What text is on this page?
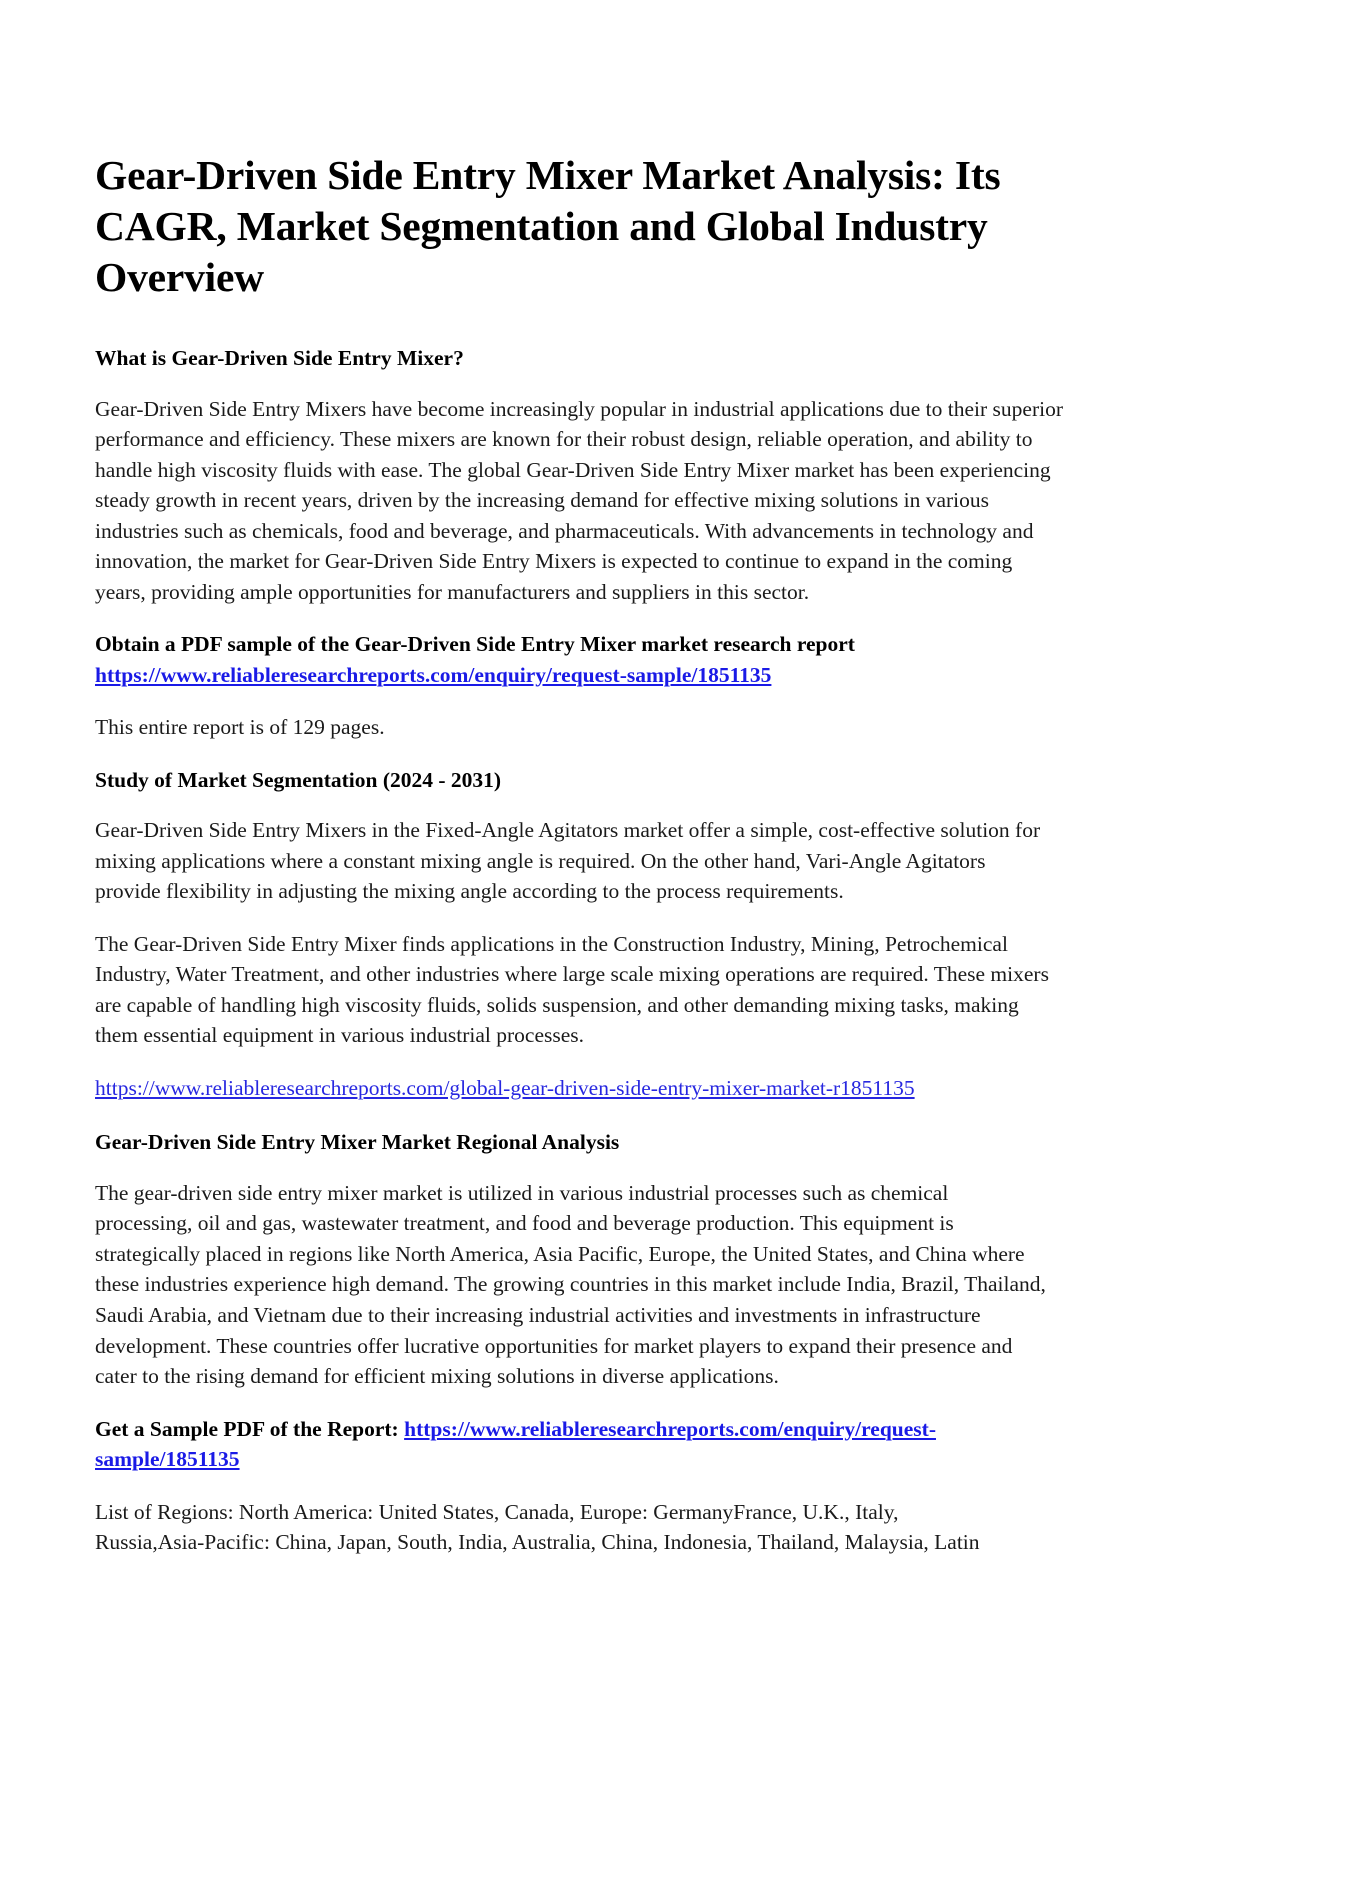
Gear-Driven Side Entry Mixer Market Analysis: Its CAGR, Market Segmentation and Global Industry Overview
What is Gear-Driven Side Entry Mixer?

Gear-Driven Side Entry Mixers have become increasingly popular in industrial applications due to their superior performance and efficiency. These mixers are known for their robust design, reliable operation, and ability to handle high viscosity fluids with ease. The global Gear-Driven Side Entry Mixer market has been experiencing steady growth in recent years, driven by the increasing demand for effective mixing solutions in various industries such as chemicals, food and beverage, and pharmaceuticals. With advancements in technology and innovation, the market for Gear-Driven Side Entry Mixers is expected to continue to expand in the coming years, providing ample opportunities for manufacturers and suppliers in this sector.

Obtain a PDF sample of the Gear-Driven Side Entry Mixer market research report https://www.reliableresearchreports.com/enquiry/request-sample/1851135

This entire report is of 129 pages.

Study of Market Segmentation (2024 - 2031)

Gear-Driven Side Entry Mixers in the Fixed-Angle Agitators market offer a simple, cost-effective solution for mixing applications where a constant mixing angle is required. On the other hand, Vari-Angle Agitators provide flexibility in adjusting the mixing angle according to the process requirements.

The Gear-Driven Side Entry Mixer finds applications in the Construction Industry, Mining, Petrochemical Industry, Water Treatment, and other industries where large scale mixing operations are required. These mixers are capable of handling high viscosity fluids, solids suspension, and other demanding mixing tasks, making them essential equipment in various industrial processes.

https://www.reliableresearchreports.com/global-gear-driven-side-entry-mixer-market-r1851135

Gear-Driven Side Entry Mixer Market Regional Analysis

The gear-driven side entry mixer market is utilized in various industrial processes such as chemical processing, oil and gas, wastewater treatment, and food and beverage production. This equipment is strategically placed in regions like North America, Asia Pacific, Europe, the United States, and China where these industries experience high demand. The growing countries in this market include India, Brazil, Thailand, Saudi Arabia, and Vietnam due to their increasing industrial activities and investments in infrastructure development. These countries offer lucrative opportunities for market players to expand their presence and cater to the rising demand for efficient mixing solutions in diverse applications.

Get a Sample PDF of the Report: https://www.reliableresearchreports.com/enquiry/request-sample/1851135

List of Regions: North America: United States, Canada, Europe: GermanyFrance, U.K., Italy, Russia,Asia-Pacific: China, Japan, South, India, Australia, China, Indonesia, Thailand, Malaysia, Latin
